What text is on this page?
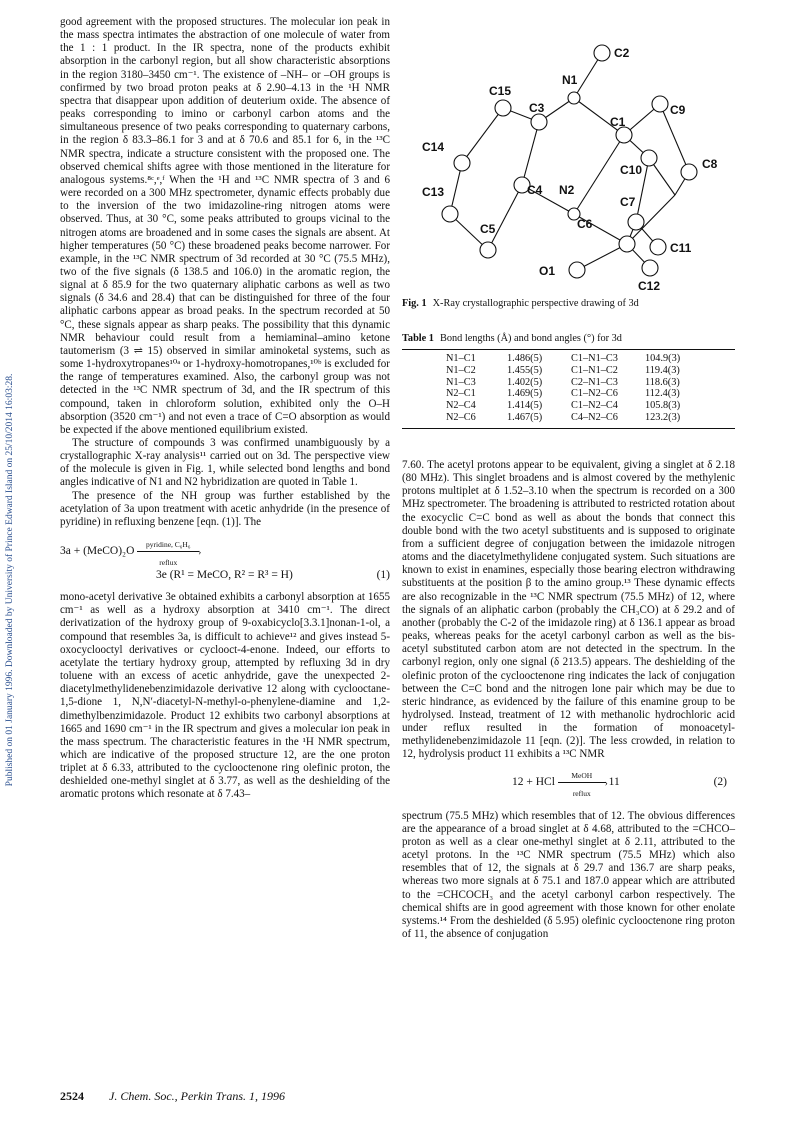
Published on 01 January 1996. Downloaded by University of Prince Edward Island on 25/10/2014 16:03:28.

good agreement with the proposed structures. The molecular ion peak in the mass spectra intimates the abstraction of one molecule of water from the 1 : 1 product. In the IR spectra, none of the products exhibit absorption in the carbonyl region, but all show characteristic absorptions in the region 3180–3450 cm⁻¹. The existence of –NH– or –OH groups is confirmed by two broad proton peaks at δ 2.90–4.13 in the ¹H NMR spectra that disappear upon addition of deuterium oxide. The absence of peaks corresponding to imino or carbonyl carbon atoms and the simultaneous presence of two peaks corresponding to quaternary carbons, in the region δ 83.3–86.1 for 3 and at δ 70.6 and 85.1 for 6, in the ¹³C NMR spectra, indicate a structure consistent with the proposed one. The observed chemical shifts agree with those mentioned in the literature for analogous systems.⁸ᶜ,ᵉ,ᶠ When the ¹H and ¹³C NMR spectra of 3 and 6 were recorded on a 300 MHz spectrometer, dynamic effects probably due to the inversion of the two imidazoline-ring nitrogen atoms were observed. Thus, at 30 °C, some peaks attributed to groups vicinal to the nitrogen atoms are broadened and in some cases the signals are absent. At higher temperatures (50 °C) these broadened peaks become narrower. For example, in the ¹³C NMR spectrum of 3d recorded at 30 °C (75.5 MHz), two of the five signals (δ 138.5 and 106.0) in the aromatic region, the signal at δ 85.9 for the two quaternary aliphatic carbons as well as two signals (δ 34.6 and 28.4) that can be distinguished for three of the four aliphatic carbons appear as broad peaks. In the spectrum recorded at 50 °C, these signals appear as sharp peaks. The possibility that this dynamic NMR behaviour could result from a hemiaminal–amino ketone tautomerism (3 ⇌ 15) observed in similar aminoketal systems, such as some 1-hydroxytropanes¹⁰ᵃ or 1-hydroxy-homotropanes,¹⁰ᵇ is excluded for the range of temperatures examined. Also, the carbonyl group was not detected in the ¹³C NMR spectrum of 3d, and the IR spectrum of this compound, taken in chloroform solution, exhibited only the O–H absorption (3520 cm⁻¹) and not even a trace of C=O absorption as would be expected if the above mentioned equilibrium existed.

The structure of compounds 3 was confirmed unambiguously by a crystallographic X-ray analysis¹¹ carried out on 3d. The perspective view of the molecule is given in Fig. 1, while selected bond lengths and bond angles indicative of N1 and N2 hybridization are quoted in Table 1.

The presence of the NH group was further established by the acetylation of 3a upon treatment with acetic anhydride (in the presence of pyridine) in refluxing benzene [eqn. (1)]. The

3a + (MeCO)₂O
pyridine, C₆H₆
›
reflux
3e (R¹ = MeCO, R² = R³ = H)	(1)

mono-acetyl derivative 3e obtained exhibits a carbonyl absorption at 1655 cm⁻¹ as well as a hydroxy absorption at 3410 cm⁻¹. The direct derivatization of the hydroxy group of 9-oxabicyclo[3.3.1]nonan-1-ol, a compound that resembles 3a, is difficult to achieve¹² and gives instead 5-oxocyclooctyl derivatives or cyclooct-4-enone. Indeed, our efforts to acetylate the tertiary hydroxy group, attempted by refluxing 3d in dry toluene with an excess of acetic anhydride, gave the unexpected 2-diacetylmethylidenebenzimidazole derivative 12 along with cyclooctane-1,5-dione 1, N,N′-diacetyl-N-methyl-o-phenylene-diamine and 1,2-dimethylbenzimidazole. Product 12 exhibits two carbonyl absorptions at 1665 and 1690 cm⁻¹ in the IR spectrum and gives a molecular ion peak in the mass spectrum. The characteristic features in the ¹H NMR spectrum, which are indicative of the proposed structure 12, are the one proton triplet at δ 6.33, attributed to the cyclooctenone ring olefinic proton, the deshielded one-methyl singlet at δ 3.77, as well as the deshielding of the aromatic protons which resonate at δ 7.43–

C2
N1
C15
C3
C1
C9
C14
C10	C8
C13	C4 N2
C7
C5	C6
C11
O1
C12
Fig. 1 X-Ray crystallographic perspective drawing of 3d
Table 1 Bond lengths (Å) and bond angles (°) for 3d
N1–C1	1.486(5)	C1–N1–C3	104.9(3)
N1–C2	1.455(5)	C1–N1–C2	119.4(3)
N1–C3	1.402(5)	C2–N1–C3	118.6(3)
N2–C1	1.469(5)	C1–N2–C6	112.4(3)
N2–C4	1.414(5)	C1–N2–C4	105.8(3)
N2–C6	1.467(5)	C4–N2–C6	123.2(3)

7.60. The acetyl protons appear to be equivalent, giving a singlet at δ 2.18 (80 MHz). This singlet broadens and is almost covered by the methylenic protons multiplet at δ 1.52–3.10 when the spectrum is recorded on a 300 MHz spectrometer. The broadening is attributed to restricted rotation about the exocyclic C=C bond as well as about the bonds that connect this double bond with the two acetyl substituents and is supposed to originate from a sufficient degree of conjugation between the imidazole nitrogen atoms and the diacetylmethylidene conjugated system. Such situations are known to exist in enamines, especially those bearing electron withdrawing substituents at the position β to the amino group.¹³ These dynamic effects are also recognizable in the ¹³C NMR spectrum (75.5 MHz) of 12, where the signals of an aliphatic carbon (probably the CH₃CO) at δ 29.2 and of another (probably the C-2 of the imidazole ring) at δ 136.1 appear as broad peaks, whereas peaks for the acetyl carbonyl carbon as well as the bis-acetyl substituted carbon atom are not detected in the spectrum. In the carbonyl region, only one signal (δ 213.5) appears. The deshielding of the olefinic proton of the cyclooctenone ring indicates the lack of conjugation between the C=C bond and the nitrogen lone pair which may be due to steric hindrance, as evidenced by the failure of this enamine group to be hydrolysed. Instead, treatment of 12 with methanolic hydrochloric acid under reflux resulted in the formation of monoacetyl-methylidenebenzimidazole 11 [eqn. (2)]. The less crowded, in relation to 12, hydrolysis product 11 exhibits a ¹³C NMR

12 + HCl
MeOH
›
reflux
11	(2)

spectrum (75.5 MHz) which resembles that of 12. The obvious differences are the appearance of a broad singlet at δ 4.68, attributed to the =CHCO–proton as well as a clear one-methyl singlet at δ 2.11, attributed to the acetyl protons. In the ¹³C NMR spectrum (75.5 MHz) which also resembles that of 12, the signals at δ 29.7 and 136.7 are sharp peaks, whereas two more signals at δ 75.1 and 187.0 appear which are attributed to the =CHCOCH₃ and the acetyl carbonyl carbon respectively. The chemical shifts are in good agreement with those known for other enolate systems.¹⁴ From the deshielded (δ 5.95) olefinic cyclooctenone ring proton of 11, the absence of conjugation

2524 J. Chem. Soc., Perkin Trans. 1, 1996
